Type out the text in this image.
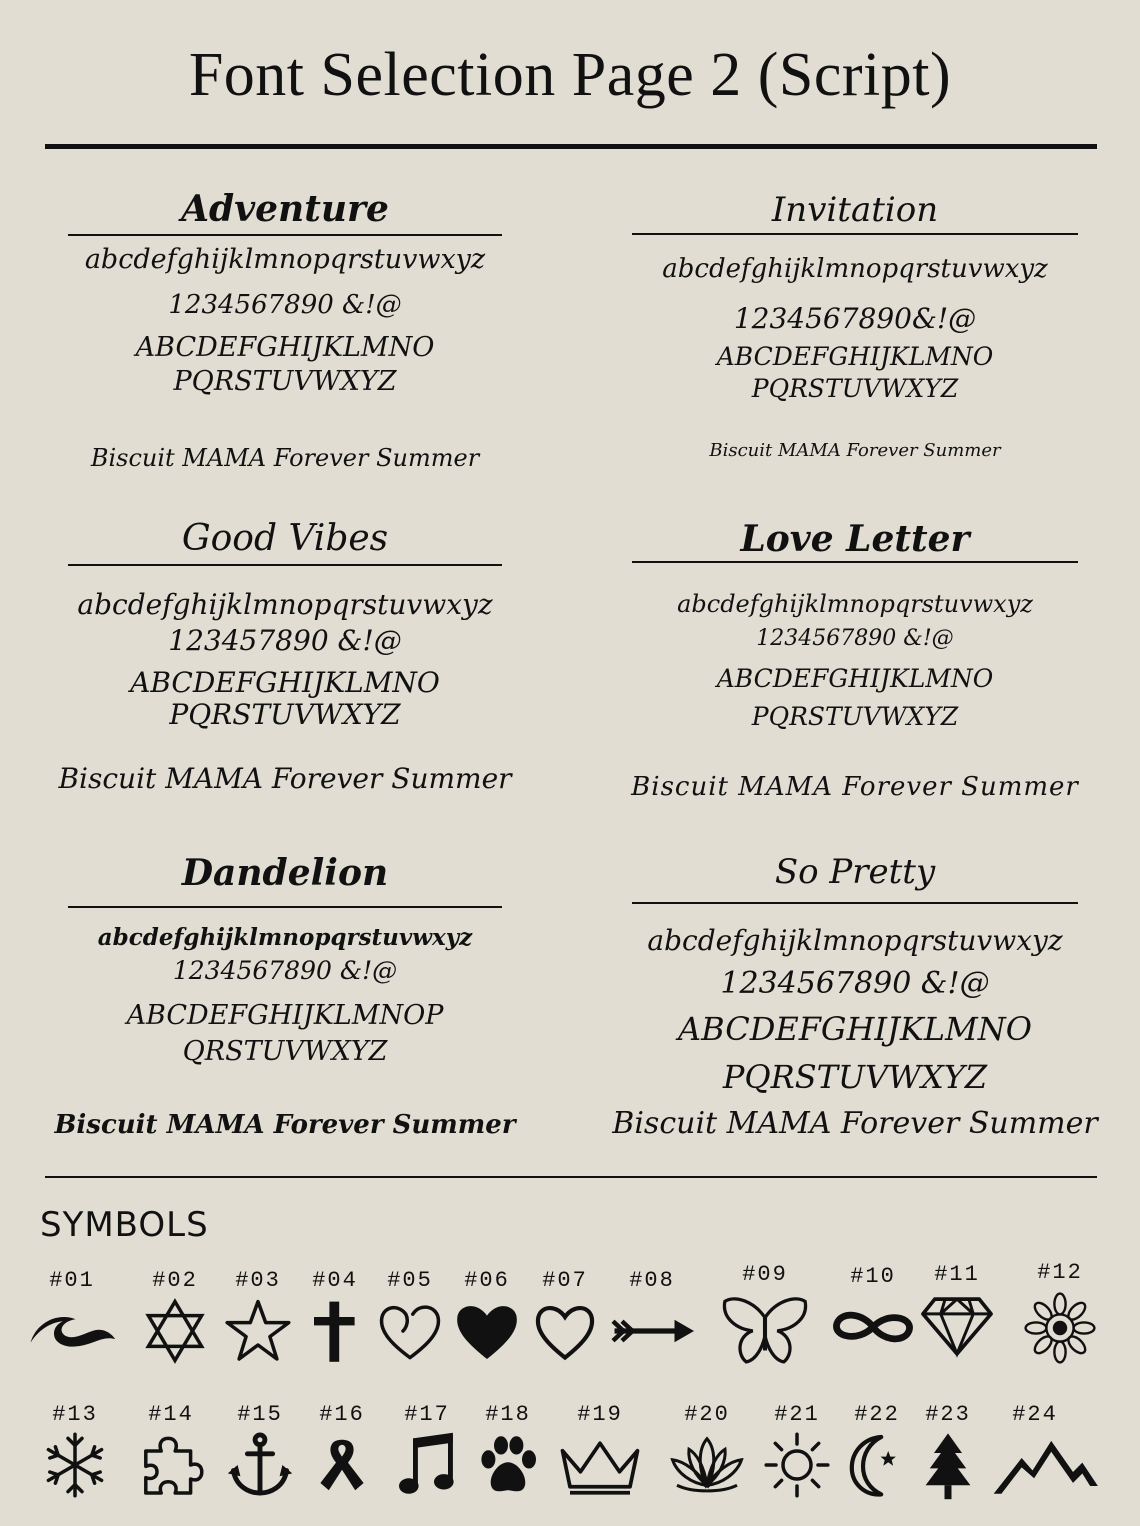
Font Selection Page 2 (Script)
Adventure
abcdefghijklmnopqrstuvwxyz
1234567890 &!@
ABCDEFGHIJKLMNO
PQRSTUVWXYZ
Biscuit MAMA Forever Summer
Invitation
abcdefghijklmnopqrstuvwxyz
1234567890&!@
ABCDEFGHIJKLMNO
PQRSTUVWXYZ
Biscuit MAMA Forever Summer
Good Vibes
abcdefghijklmnopqrstuvwxyz
123457890 &!@
ABCDEFGHIJKLMNO
PQRSTUVWXYZ
Biscuit MAMA Forever Summer
Love Letter
abcdefghijklmnopqrstuvwxyz
1234567890 &!@
ABCDEFGHIJKLMNO
PQRSTUVWXYZ
Biscuit MAMA Forever Summer
Dandelion
abcdefghijklmnopqrstuvwxyz
1234567890 &!@
ABCDEFGHIJKLMNOP
QRSTUVWXYZ
Biscuit MAMA Forever Summer
So Pretty
abcdefghijklmnopqrstuvwxyz
1234567890 &!@
ABCDEFGHIJKLMNO
PQRSTUVWXYZ
Biscuit MAMA Forever Summer
SYMBOLS
#01	#02	#03	#04	#05	#06	#07	#08	#09	#10	#11	#12
#13	#14	#15	#16	#17	#18	#19	#20	#21	#22	#23	#24
